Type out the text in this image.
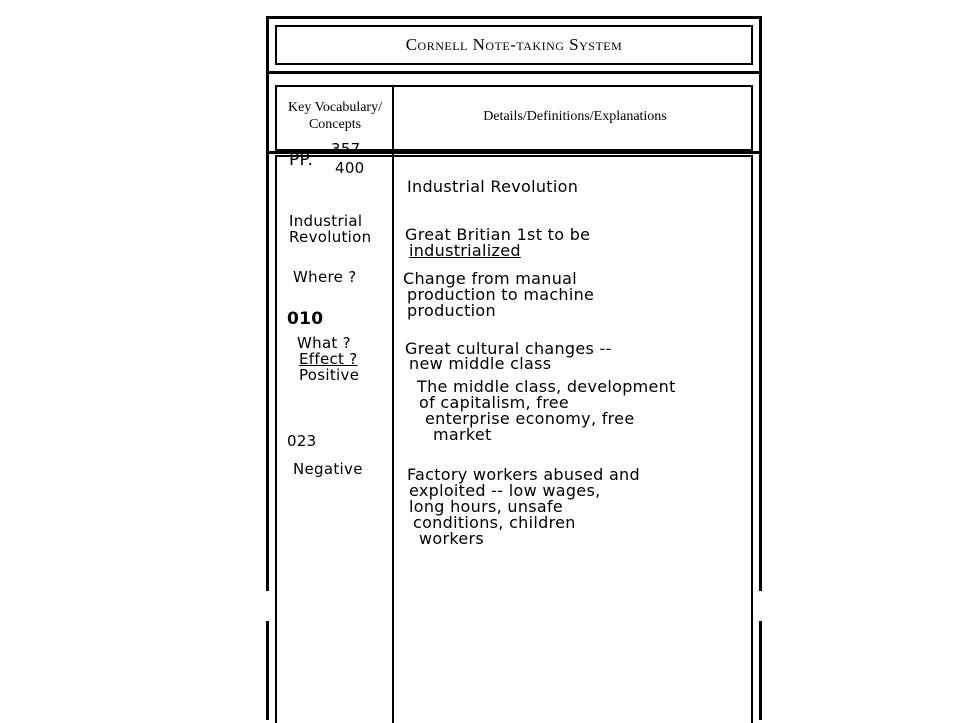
Cornell Note-taking System
Key Vocabulary/ Concepts
Details/Definitions/Explanations
PP.
357-
400
Industrial
Revolution
Where ?
010
What ?
Effect ?
Positive
023
Negative
Industrial Revolution
Great Britian 1st to be
industrialized
Change from manual
production to machine
production
Great cultural changes --
new middle class
The middle class, development
of capitalism, free
enterprise economy, free
market
Factory workers abused and
exploited -- low wages,
long hours, unsafe
conditions, children
workers
